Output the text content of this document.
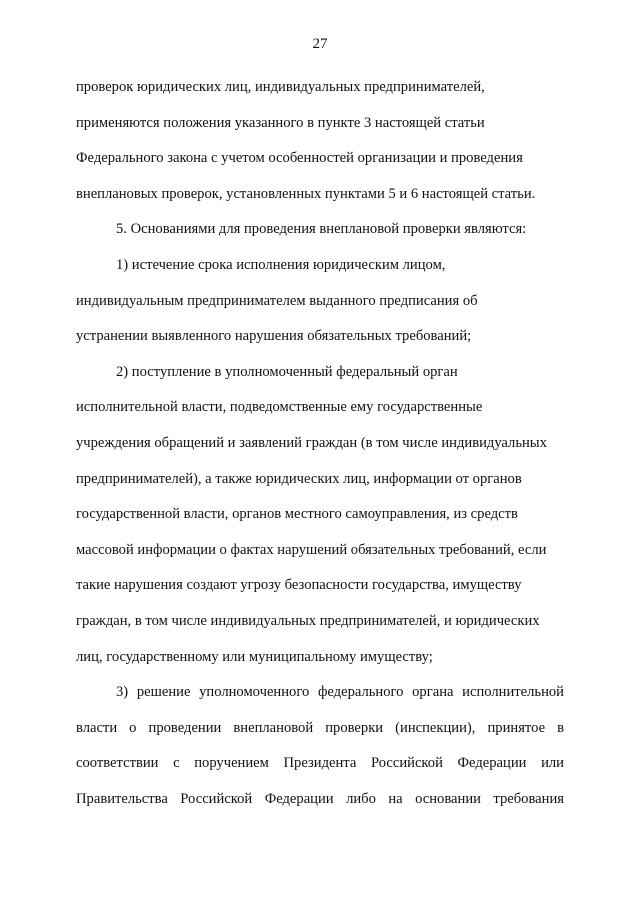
27

проверок юридических лиц, индивидуальных предпринимателей,
применяются положения указанного в пункте 3 настоящей статьи
Федерального закона с учетом особенностей организации и проведения
внеплановых проверок, установленных пунктами 5 и 6 настоящей статьи.

5. Основаниями для проведения внеплановой проверки являются:

1) истечение срока исполнения юридическим лицом,
индивидуальным предпринимателем выданного предписания об
устранении выявленного нарушения обязательных требований;

2) поступление в уполномоченный федеральный орган
исполнительной власти, подведомственные ему государственные
учреждения обращений и заявлений граждан (в том числе индивидуальных
предпринимателей), а также юридических лиц, информации от органов
государственной власти, органов местного самоуправления, из средств
массовой информации о фактах нарушений обязательных требований, если
такие нарушения создают угрозу безопасности государства, имуществу
граждан, в том числе индивидуальных предпринимателей, и юридических
лиц, государственному или муниципальному имуществу;

3) решение уполномоченного федерального органа исполнительной
власти о проведении внеплановой проверки (инспекции), принятое в
соответствии с поручением Президента Российской Федерации или
Правительства Российской Федерации либо на основании требования
